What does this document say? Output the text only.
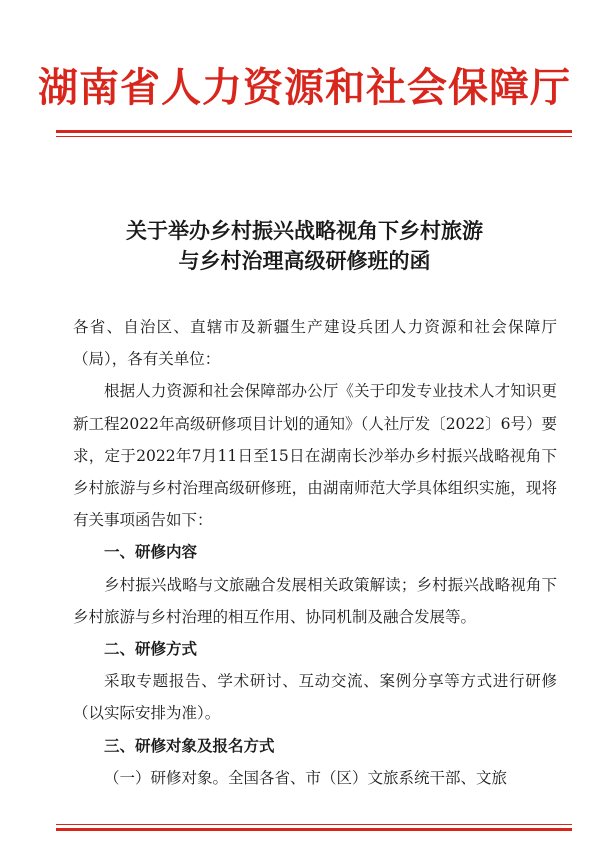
湖南省人力资源和社会保障厅
关于举办乡村振兴战略视角下乡村旅游
与乡村治理高级研修班的函

各省、自治区、直辖市及新疆生产建设兵团人力资源和社会保障厅（局），各有关单位：

根据人力资源和社会保障部办公厅《关于印发专业技术人才知识更新工程2022年高级研修项目计划的通知》（人社厅发〔2022〕6号）要求，定于2022年7月11日至15日在湖南长沙举办乡村振兴战略视角下乡村旅游与乡村治理高级研修班，由湖南师范大学具体组织实施，现将有关事项函告如下：

一、研修内容

乡村振兴战略与文旅融合发展相关政策解读；乡村振兴战略视角下乡村旅游与乡村治理的相互作用、协同机制及融合发展等。

二、研修方式

采取专题报告、学术研讨、互动交流、案例分享等方式进行研修（以实际安排为准）。

三、研修对象及报名方式

（一）研修对象。全国各省、市（区）文旅系统干部、文旅
